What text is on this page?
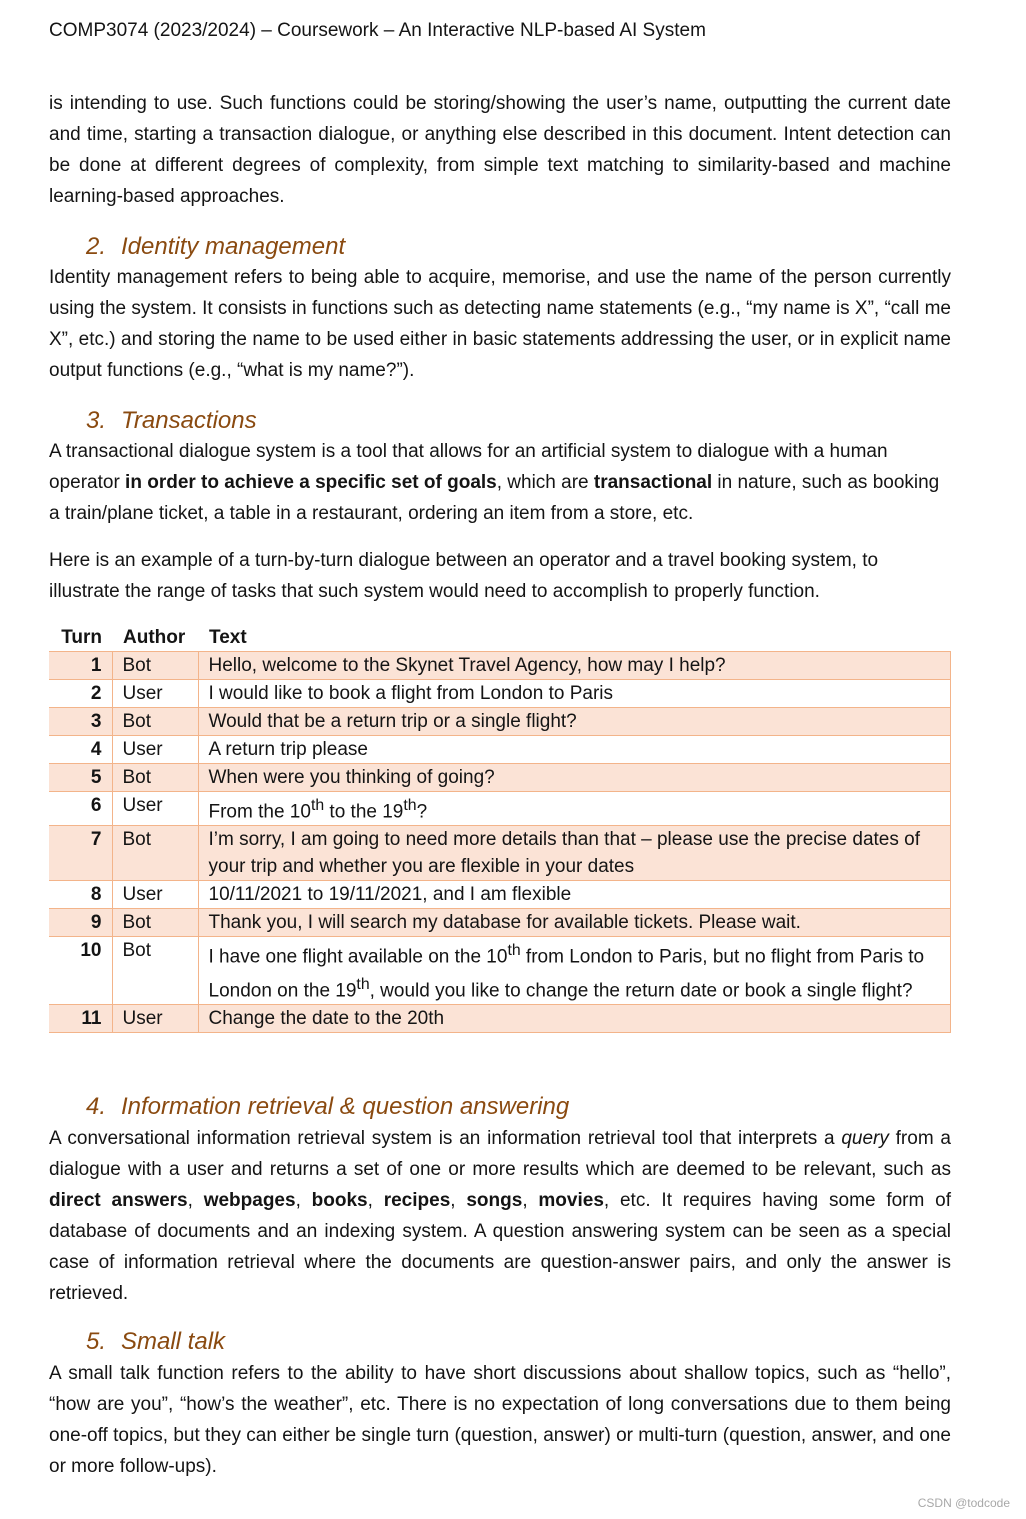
COMP3074 (2023/2024) – Coursework – An Interactive NLP-based AI System

is intending to use. Such functions could be storing/showing the user’s name, outputting the current date and time, starting a transaction dialogue, or anything else described in this document. Intent detection can be done at different degrees of complexity, from simple text matching to similarity-based and machine learning-based approaches.

2. Identity management

Identity management refers to being able to acquire, memorise, and use the name of the person currently using the system. It consists in functions such as detecting name statements (e.g., “my name is X”, “call me X”, etc.) and storing the name to be used either in basic statements addressing the user, or in explicit name output functions (e.g., “what is my name?”).

3. Transactions

A transactional dialogue system is a tool that allows for an artificial system to dialogue with a human operator in order to achieve a specific set of goals, which are transactional in nature, such as booking a train/plane ticket, a table in a restaurant, ordering an item from a store, etc.

Here is an example of a turn-by-turn dialogue between an operator and a travel booking system, to illustrate the range of tasks that such system would need to accomplish to properly function.

Turn	Author	Text
1	Bot	Hello, welcome to the Skynet Travel Agency, how may I help?
2	User	I would like to book a flight from London to Paris
3	Bot	Would that be a return trip or a single flight?
4	User	A return trip please
5	Bot	When were you thinking of going?
6	User	From the 10th to the 19th?
7	Bot	I’m sorry, I am going to need more details than that – please use the precise dates of your trip and whether you are flexible in your dates
8	User	10/11/2021 to 19/11/2021, and I am flexible
9	Bot	Thank you, I will search my database for available tickets. Please wait.
10	Bot	I have one flight available on the 10th from London to Paris, but no flight from Paris to London on the 19th, would you like to change the return date or book a single flight?
11	User	Change the date to the 20th
4. Information retrieval & question answering

A conversational information retrieval system is an information retrieval tool that interprets a query from a dialogue with a user and returns a set of one or more results which are deemed to be relevant, such as direct answers, webpages, books, recipes, songs, movies, etc. It requires having some form of database of documents and an indexing system. A question answering system can be seen as a special case of information retrieval where the documents are question-answer pairs, and only the answer is retrieved.

5. Small talk

A small talk function refers to the ability to have short discussions about shallow topics, such as “hello”, “how are you”, “how’s the weather”, etc. There is no expectation of long conversations due to them being one-off topics, but they can either be single turn (question, answer) or multi-turn (question, answer, and one or more follow-ups).

CSDN @todcode
